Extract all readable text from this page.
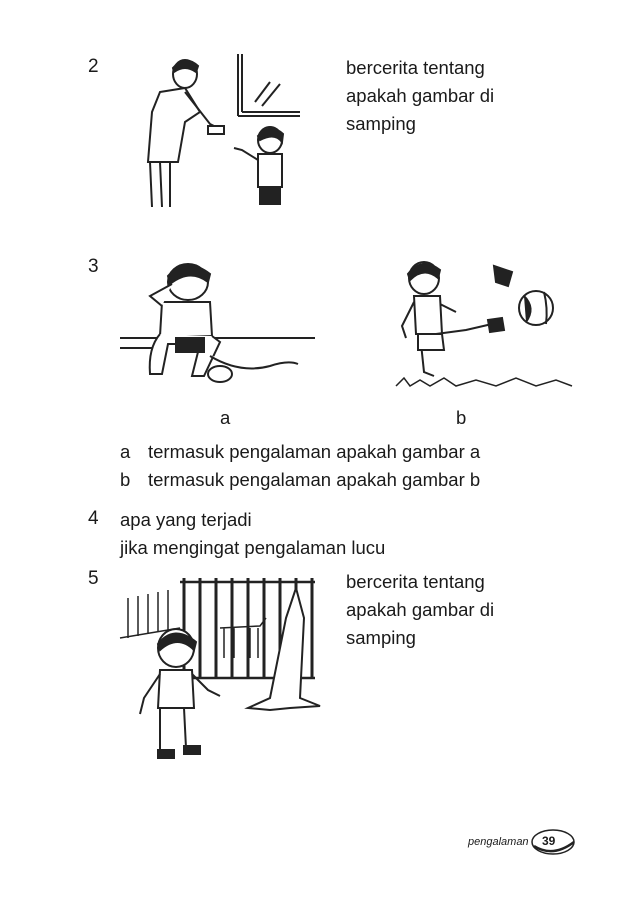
2	bercerita tentang
apakah gambar di
samping
3
a	b
a termasuk pengalaman apakah gambar a
b termasuk pengalaman apakah gambar b
4 apa yang terjadi
jika mengingat pengalaman lucu
5	bercerita tentang
apakah gambar di
samping
pengalaman 39
